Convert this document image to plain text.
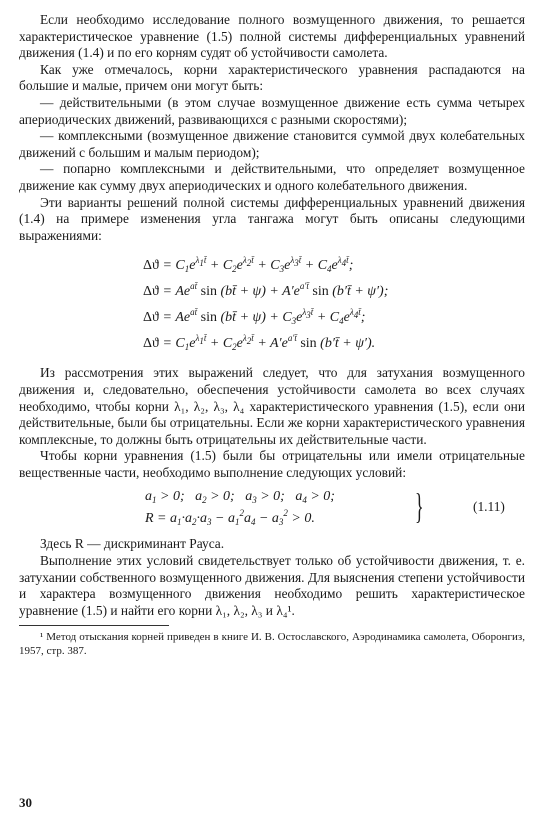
Если необходимо исследование полного возмущенного движения, то решается характеристическое уравнение (1.5) полной системы дифференциальных уравнений движения (1.4) и по его корням судят об устойчивости самолета.

Как уже отмечалось, корни характеристического уравнения распадаются на большие и малые, причем они могут быть:

— действительными (в этом случае возмущенное движение есть сумма четырех апериодических движений, развивающихся с разными скоростями);

— комплексными (возмущенное движение становится суммой двух колебательных движений с большим и малым периодом);

— попарно комплексными и действительными, что определяет возмущенное движение как сумму двух апериодических и одного колебательного движения.

Эти варианты решений полной системы дифференциальных уравнений движения (1.4) на примере изменения угла тангажа могут быть описаны следующими выражениями:

$\Delta ϑ = C_1e^{\lambda_1t̄} + C_2e^{\lambda_2t̄} + C_3e^{\lambda_3t̄} + C_4e^{\lambda_4t̄}$;
$\Delta ϑ = Ae^{at̄}$ sin (bt̄ + $\psi) + A'e^{a't̄}$ sin (b′t̄ + ψ′);
$\Delta ϑ = Ae^{at̄}$ sin (bt̄ + $\psi) + C_3e^{\lambda_3t̄} + C_4e^{\lambda_4t̄}$;
$\Delta ϑ = C_1e^{\lambda_1t̄} + C_2e^{\lambda_2t̄} + A'e^{a't̄}$ sin (b′t̄ + ψ′).

Из рассмотрения этих выражений следует, что для затухания возмущенного движения и, следовательно, обеспечения устойчивости самолета во всех случаях необходимо, чтобы корни λ₁, λ₂, λ₃, λ₄ характеристического уравнения (1.5), если они действительные, были бы отрицательны. Если же корни характеристического уравнения комплексные, то должны быть отрицательны их действительные части.

Чтобы корни уравнения (1.5) были бы отрицательны или имели отрицательные вещественные части, необходимо выполнение следующих условий:

$a_1 > 0$;   $a_2 > 0$;   $a_3 > 0$;   $a_4 > 0$;
$R = a_1\cdot a_2\cdot a_3 - a_1^2a_4 - a_3^2 > 0$.	}	(1.11)

Здесь R — дискриминант Рауса.

Выполнение этих условий свидетельствует только об устойчивости движения, т. е. затухании собственного возмущенного движения. Для выяснения степени устойчивости и характера возмущенного движения необходимо решить характеристическое уравнение (1.5) и найти его корни λ₁, λ₂, λ₃ и λ₄¹.

¹ Метод отыскания корней приведен в книге И. В. Остославского, Аэродинамика самолета, Оборонгиз, 1957, стр. 387.

30
